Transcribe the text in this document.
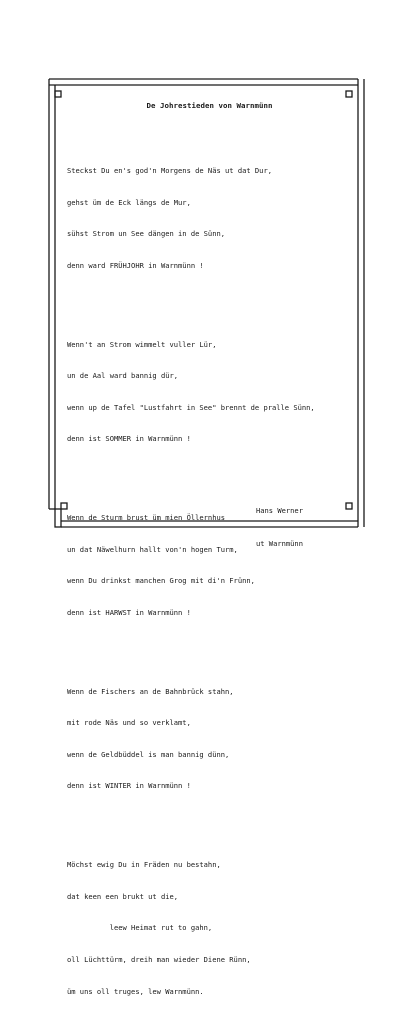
De Johrestieden von Warnmünn

Steckst Du en's god'n Morgens de Näs ut dat Dur,

gehst üm de Eck längs de Mur,

sühst Strom un See dängen in de Sünn,

denn ward FRÜHJOHR in Warnmünn !

Wenn't an Strom wimmelt vuller Lür,

un de Aal ward bannig dür,

wenn up de Tafel "Lustfahrt in See" brennt de pralle Sünn,

denn ist SOMMER in Warnmünn !

Wenn de Sturm brust üm mien Öllernhus

un dat Näwelhurn hallt von'n hogen Turm,

wenn Du drinkst manchen Grog mit di'n Frünn,

denn ist HARWST in Warnmünn !

Wenn de Fischers an de Bahnbrück stahn,

mit rode Näs und so verklamt,

wenn de Geldbüddel is man bannig dünn,

denn ist WINTER in Warnmünn !

Möchst ewig Du in Fräden nu bestahn,

dat keen een brukt ut die,

leew Heimat rut to gahn,

oll Lüchttürm, dreih man wieder Diene Rünn,

üm uns oll truges, lew Warnmünn.

Hans Werner

ut Warnmünn
